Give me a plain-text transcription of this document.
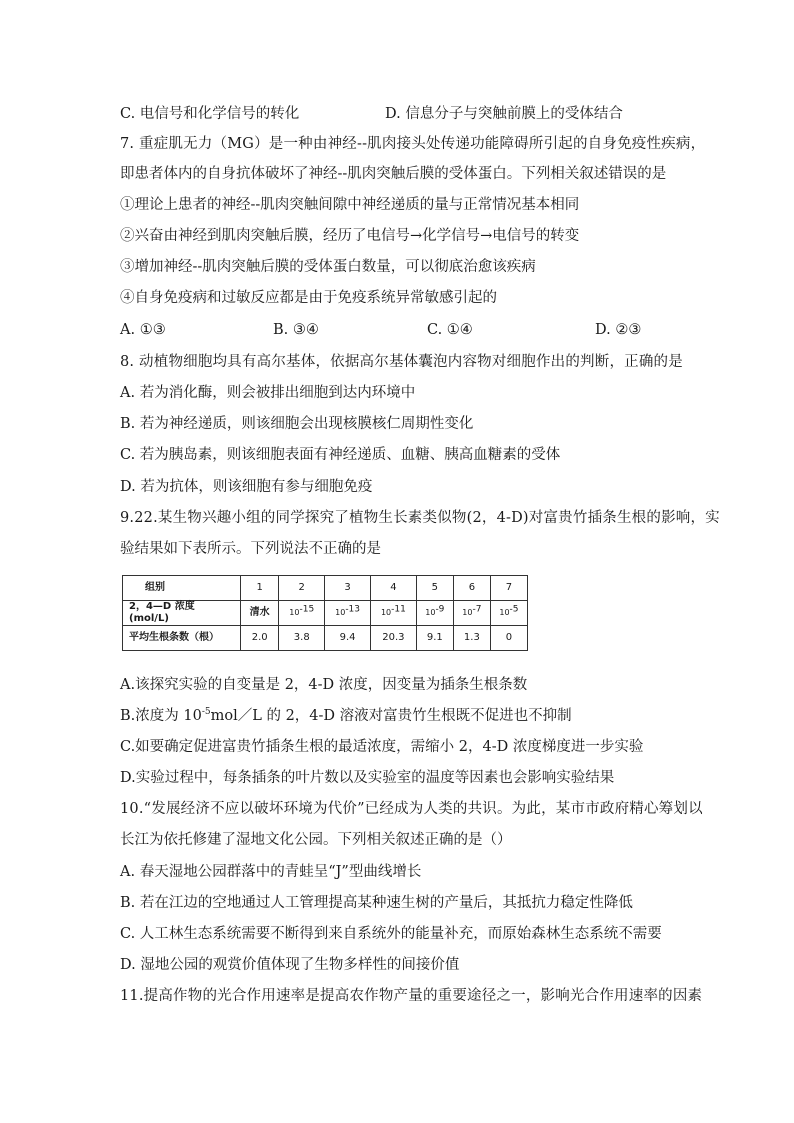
C. 电信号和化学信号的转化	D. 信息分子与突触前膜上的受体结合
7. 重症肌无力（MG）是一种由神经--肌肉接头处传递功能障碍所引起的自身免疫性疾病，
即患者体内的自身抗体破坏了神经--肌肉突触后膜的受体蛋白。下列相关叙述错误的是
①理论上患者的神经--肌肉突触间隙中神经递质的量与正常情况基本相同
②兴奋由神经到肌肉突触后膜，经历了电信号→化学信号→电信号的转变
③增加神经--肌肉突触后膜的受体蛋白数量，可以彻底治愈该疾病
④自身免疫病和过敏反应都是由于免疫系统异常敏感引起的
A. ①③	B. ③④	C. ①④	D. ②③
8. 动植物细胞均具有高尔基体，依据高尔基体囊泡内容物对细胞作出的判断，正确的是
A. 若为消化酶，则会被排出细胞到达内环境中
B. 若为神经递质，则该细胞会出现核膜核仁周期性变化
C. 若为胰岛素，则该细胞表面有神经递质、血糖、胰高血糖素的受体
D. 若为抗体，则该细胞有参与细胞免疫
9.22.某生物兴趣小组的同学探究了植物生长素类似物(2，4-D)对富贵竹插条生根的影响，实
验结果如下表所示。下列说法不正确的是
组别	1	2	3	4	5	6	7
2，4—D 浓度 (mol/L)	清水	$10^{-15}$	$10^{-13}$	$10^{-11}$	$10^{-9}$	$10^{-7}$	$10^{-5}$
平均生根条数（根）	2.0	3.8	9.4	20.3	9.1	1.3	0
A.该探究实验的自变量是 2，4-D 浓度，因变量为插条生根条数
B.浓度为 $10^{-5}mol/L$ 的 2，4-D 溶液对富贵竹生根既不促进也不抑制
C.如要确定促进富贵竹插条生根的最适浓度，需缩小 2，4-D 浓度梯度进一步实验
D.实验过程中，每条插条的叶片数以及实验室的温度等因素也会影响实验结果
10.“发展经济不应以破坏环境为代价”已经成为人类的共识。为此，某市市政府精心筹划以
长江为依托修建了湿地文化公园。下列相关叙述正确的是（）
A. 春天湿地公园群落中的青蛙呈“J”型曲线增长
B. 若在江边的空地通过人工管理提高某种速生树的产量后，其抵抗力稳定性降低
C. 人工林生态系统需要不断得到来自系统外的能量补充，而原始森林生态系统不需要
D. 湿地公园的观赏价值体现了生物多样性的间接价值
11.提高作物的光合作用速率是提高农作物产量的重要途径之一，影响光合作用速率的因素
